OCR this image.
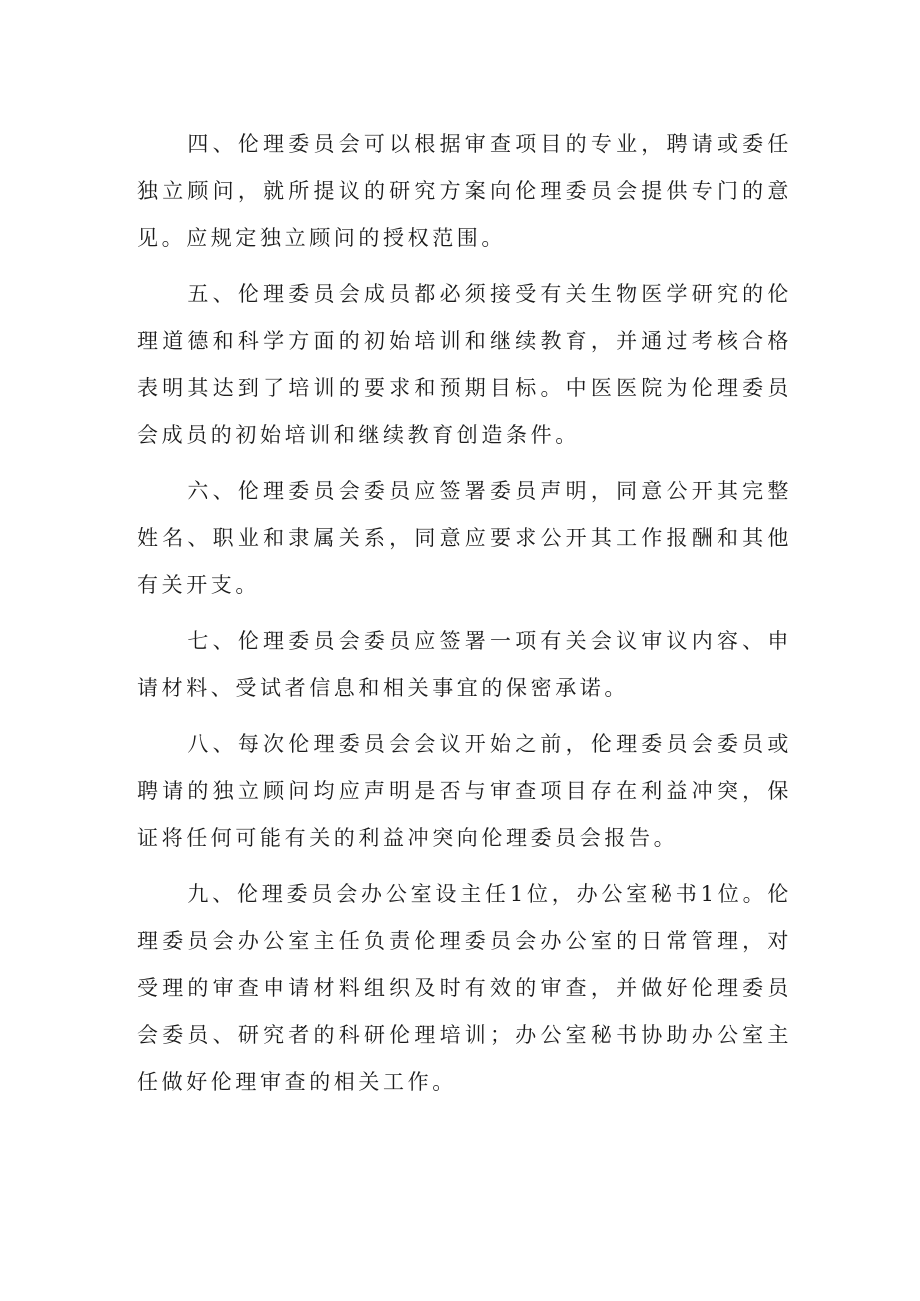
四、伦理委员会可以根据审查项目的专业，聘请或委任独立顾问，就所提议的研究方案向伦理委员会提供专门的意见。应规定独立顾问的授权范围。

五、伦理委员会成员都必须接受有关生物医学研究的伦理道德和科学方面的初始培训和继续教育，并通过考核合格表明其达到了培训的要求和预期目标。中医医院为伦理委员会成员的初始培训和继续教育创造条件。

六、伦理委员会委员应签署委员声明，同意公开其完整姓名、职业和隶属关系，同意应要求公开其工作报酬和其他有关开支。

七、伦理委员会委员应签署一项有关会议审议内容、申请材料、受试者信息和相关事宜的保密承诺。

八、每次伦理委员会会议开始之前，伦理委员会委员或聘请的独立顾问均应声明是否与审查项目存在利益冲突，保证将任何可能有关的利益冲突向伦理委员会报告。

九、伦理委员会办公室设主任1位，办公室秘书1位。伦理委员会办公室主任负责伦理委员会办公室的日常管理，对受理的审查申请材料组织及时有效的审查，并做好伦理委员会委员、研究者的科研伦理培训；办公室秘书协助办公室主任做好伦理审查的相关工作。
